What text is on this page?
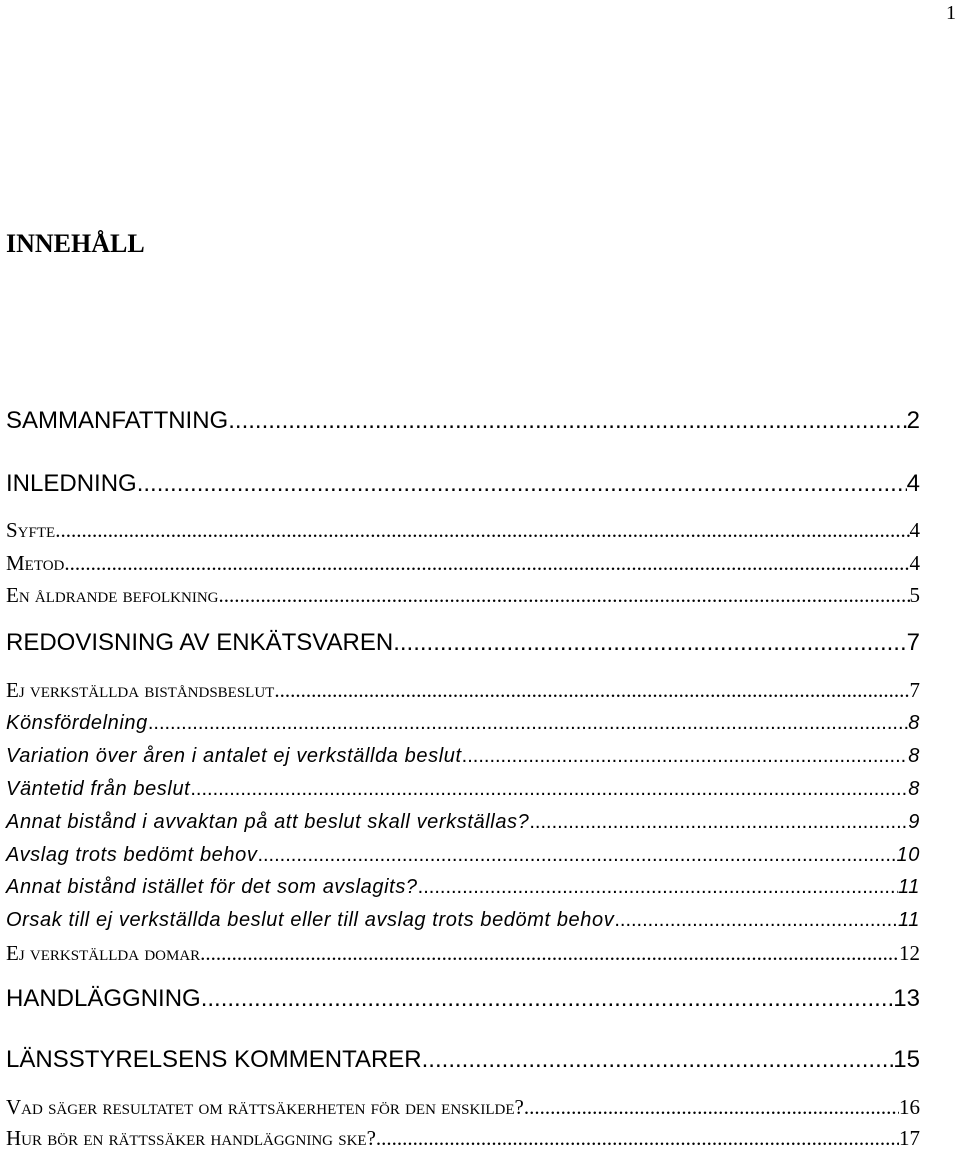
1
INNEHÅLL
SAMMANFATTNING .....	2
INLEDNING .....	4
Syfte .....	4
Metod .....	4
En åldrande befolkning .....	5
REDOVISNING AV ENKÄTSVAREN .....	7
Ej verkställda biståndsbeslut .....	7
Könsfördelning .....	8
Variation över åren i antalet ej verkställda beslut .....	8
Väntetid från beslut .....	8
Annat bistånd i avvaktan på att beslut skall verkställas? .....	9
Avslag trots bedömt behov .....	10
Annat bistånd istället för det som avslagits? .....	11
Orsak till ej verkställda beslut eller till avslag trots bedömt behov .....	11
Ej verkställda domar .....	12
HANDLÄGGNING .....	13
LÄNSSTYRELSENS KOMMENTARER .....	15
Vad säger resultatet om rättsäkerheten för den enskilde? .....	16
Hur bör en rättssäker handläggning ske? .....	17
